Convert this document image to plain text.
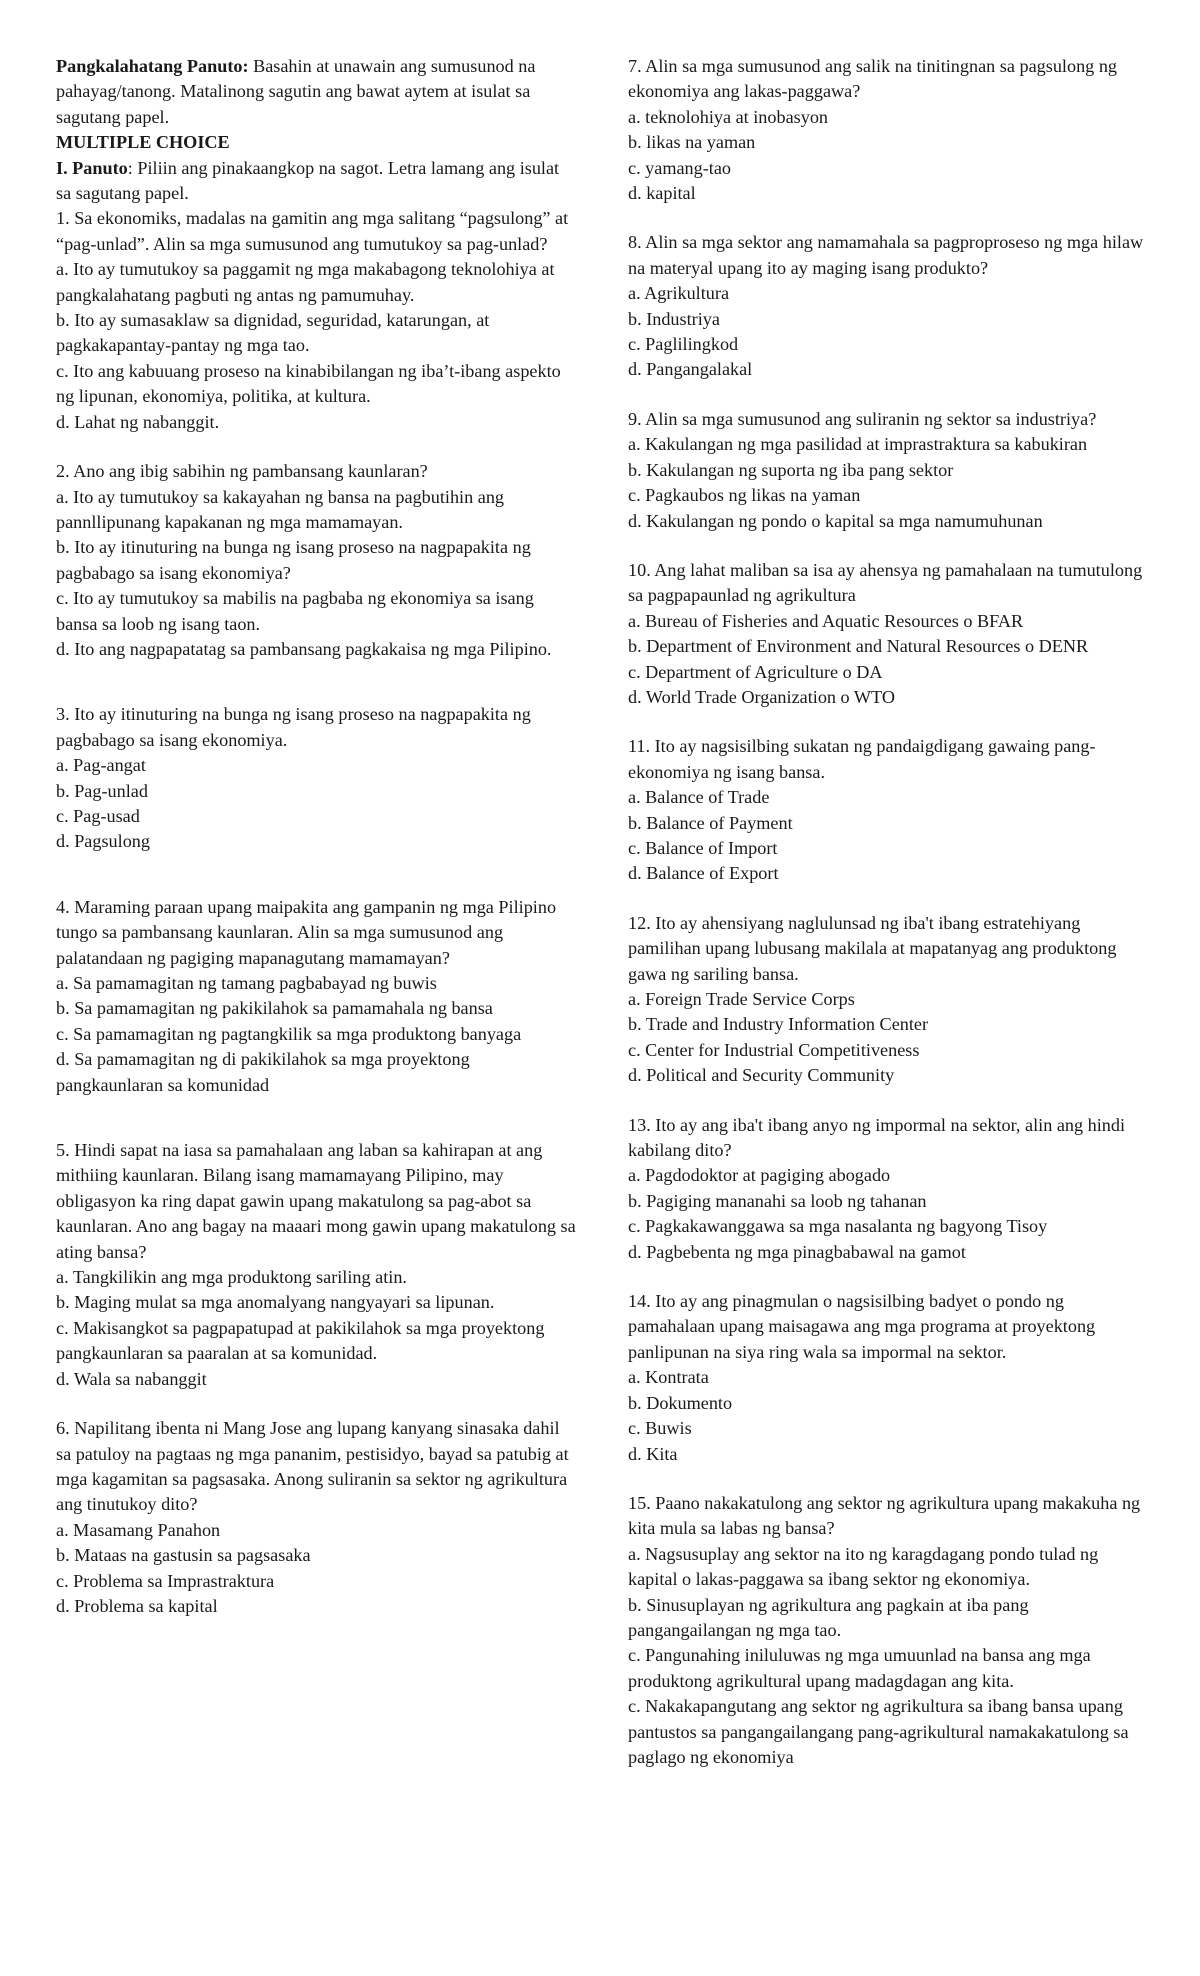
Pangkalahatang Panuto: Basahin at unawain ang sumusunod na pahayag/tanong. Matalinong sagutin ang bawat aytem at isulat sa sagutang papel.

MULTIPLE CHOICE

I. Panuto: Piliin ang pinakaangkop na sagot. Letra lamang ang isulat sa sagutang papel.

1. Sa ekonomiks, madalas na gamitin ang mga salitang “pagsulong” at “pag-unlad”. Alin sa mga sumusunod ang tumutukoy sa pag-unlad?

a. Ito ay tumutukoy sa paggamit ng mga makabagong teknolohiya at pangkalahatang pagbuti ng antas ng pamumuhay.
b. Ito ay sumasaklaw sa dignidad, seguridad, katarungan, at pagkakapantay-pantay ng mga tao.
c. Ito ang kabuuang proseso na kinabibilangan ng iba’t-ibang aspekto ng lipunan, ekonomiya, politika, at kultura.
d. Lahat ng nabanggit.

2. Ano ang ibig sabihin ng pambansang kaunlaran?

a. Ito ay tumutukoy sa kakayahan ng bansa na pagbutihin ang pannllipunang kapakanan ng mga mamamayan.
b. Ito ay itinuturing na bunga ng isang proseso na nagpapakita ng pagbabago sa isang ekonomiya?
c. Ito ay tumutukoy sa mabilis na pagbaba ng ekonomiya sa isang bansa sa loob ng isang taon.
d. Ito ang nagpapatatag sa pambansang pagkakaisa ng mga Pilipino.

3. Ito ay itinuturing na bunga ng isang proseso na nagpapakita ng pagbabago sa isang ekonomiya.

a. Pag-angat
b. Pag-unlad
c. Pag-usad
d. Pagsulong

4. Maraming paraan upang maipakita ang gampanin ng mga Pilipino tungo sa pambansang kaunlaran. Alin sa mga sumusunod ang palatandaan ng pagiging mapanagutang mamamayan?

a. Sa pamamagitan ng tamang pagbabayad ng buwis
b. Sa pamamagitan ng pakikilahok sa pamamahala ng bansa
c. Sa pamamagitan ng pagtangkilik sa mga produktong banyaga
d. Sa pamamagitan ng di pakikilahok sa mga proyektong pangkaunlaran sa komunidad

5. Hindi sapat na iasa sa pamahalaan ang laban sa kahirapan at ang mithiing kaunlaran. Bilang isang mamamayang Pilipino, may obligasyon ka ring dapat gawin upang makatulong sa pag-abot sa kaunlaran. Ano ang bagay na maaari mong gawin upang makatulong sa ating bansa?

a. Tangkilikin ang mga produktong sariling atin.
b. Maging mulat sa mga anomalyang nangyayari sa lipunan.
c. Makisangkot sa pagpapatupad at pakikilahok sa mga proyektong pangkaunlaran sa paaralan at sa komunidad.
d. Wala sa nabanggit

6. Napilitang ibenta ni Mang Jose ang lupang kanyang sinasaka dahil sa patuloy na pagtaas ng mga pananim, pestisidyo, bayad sa patubig at mga kagamitan sa pagsasaka. Anong suliranin sa sektor ng agrikultura ang tinutukoy dito?

a. Masamang Panahon
b. Mataas na gastusin sa pagsasaka
c. Problema sa Imprastraktura
d. Problema sa kapital

7. Alin sa mga sumusunod ang salik na tinitingnan sa pagsulong ng ekonomiya ang lakas-paggawa?

a. teknolohiya at inobasyon
b. likas na yaman
c. yamang-tao
d. kapital

8. Alin sa mga sektor ang namamahala sa pagproproseso ng mga hilaw na materyal upang ito ay maging isang produkto?

a. Agrikultura
b. Industriya
c. Paglilingkod
d. Pangangalakal

9. Alin sa mga sumusunod ang suliranin ng sektor sa industriya?

a. Kakulangan ng mga pasilidad at imprastraktura sa kabukiran
b. Kakulangan ng suporta ng iba pang sektor
c. Pagkaubos ng likas na yaman
d. Kakulangan ng pondo o kapital sa mga namumuhunan

10. Ang lahat maliban sa isa ay ahensya ng pamahalaan na tumutulong sa pagpapaunlad ng agrikultura

a. Bureau of Fisheries and Aquatic Resources o BFAR
b. Department of Environment and Natural Resources o DENR
c. Department of Agriculture o DA
d. World Trade Organization o WTO

11. Ito ay nagsisilbing sukatan ng pandaigdigang gawaing pang-ekonomiya ng isang bansa.

a. Balance of Trade
b. Balance of Payment
c. Balance of Import
d. Balance of Export

12. Ito ay ahensiyang naglulunsad ng iba't ibang estratehiyang pamilihan upang lubusang makilala at mapatanyag ang produktong gawa ng sariling bansa.

a. Foreign Trade Service Corps
b. Trade and Industry Information Center
c. Center for Industrial Competitiveness
d. Political and Security Community

13. Ito ay ang iba't ibang anyo ng impormal na sektor, alin ang hindi kabilang dito?

a. Pagdodoktor at pagiging abogado
b. Pagiging mananahi sa loob ng tahanan
c. Pagkakawanggawa sa mga nasalanta ng bagyong Tisoy
d. Pagbebenta ng mga pinagbabawal na gamot

14. Ito ay ang pinagmulan o nagsisilbing badyet o pondo ng pamahalaan upang maisagawa ang mga programa at proyektong panlipunan na siya ring wala sa impormal na sektor.

a. Kontrata
b. Dokumento
c. Buwis
d. Kita

15. Paano nakakatulong ang sektor ng agrikultura upang makakuha ng kita mula sa labas ng bansa?

a. Nagsusuplay ang sektor na ito ng karagdagang pondo tulad ng kapital o lakas-paggawa sa ibang sektor ng ekonomiya.
b. Sinusuplayan ng agrikultura ang pagkain at iba pang pangangailangan ng mga tao.
c. Pangunahing iniluluwas ng mga umuunlad na bansa ang mga produktong agrikultural upang madagdagan ang kita.
c. Nakakapangutang ang sektor ng agrikultura sa ibang bansa upang pantustos sa pangangailangang pang-agrikultural namakakatulong sa paglago ng ekonomiya
